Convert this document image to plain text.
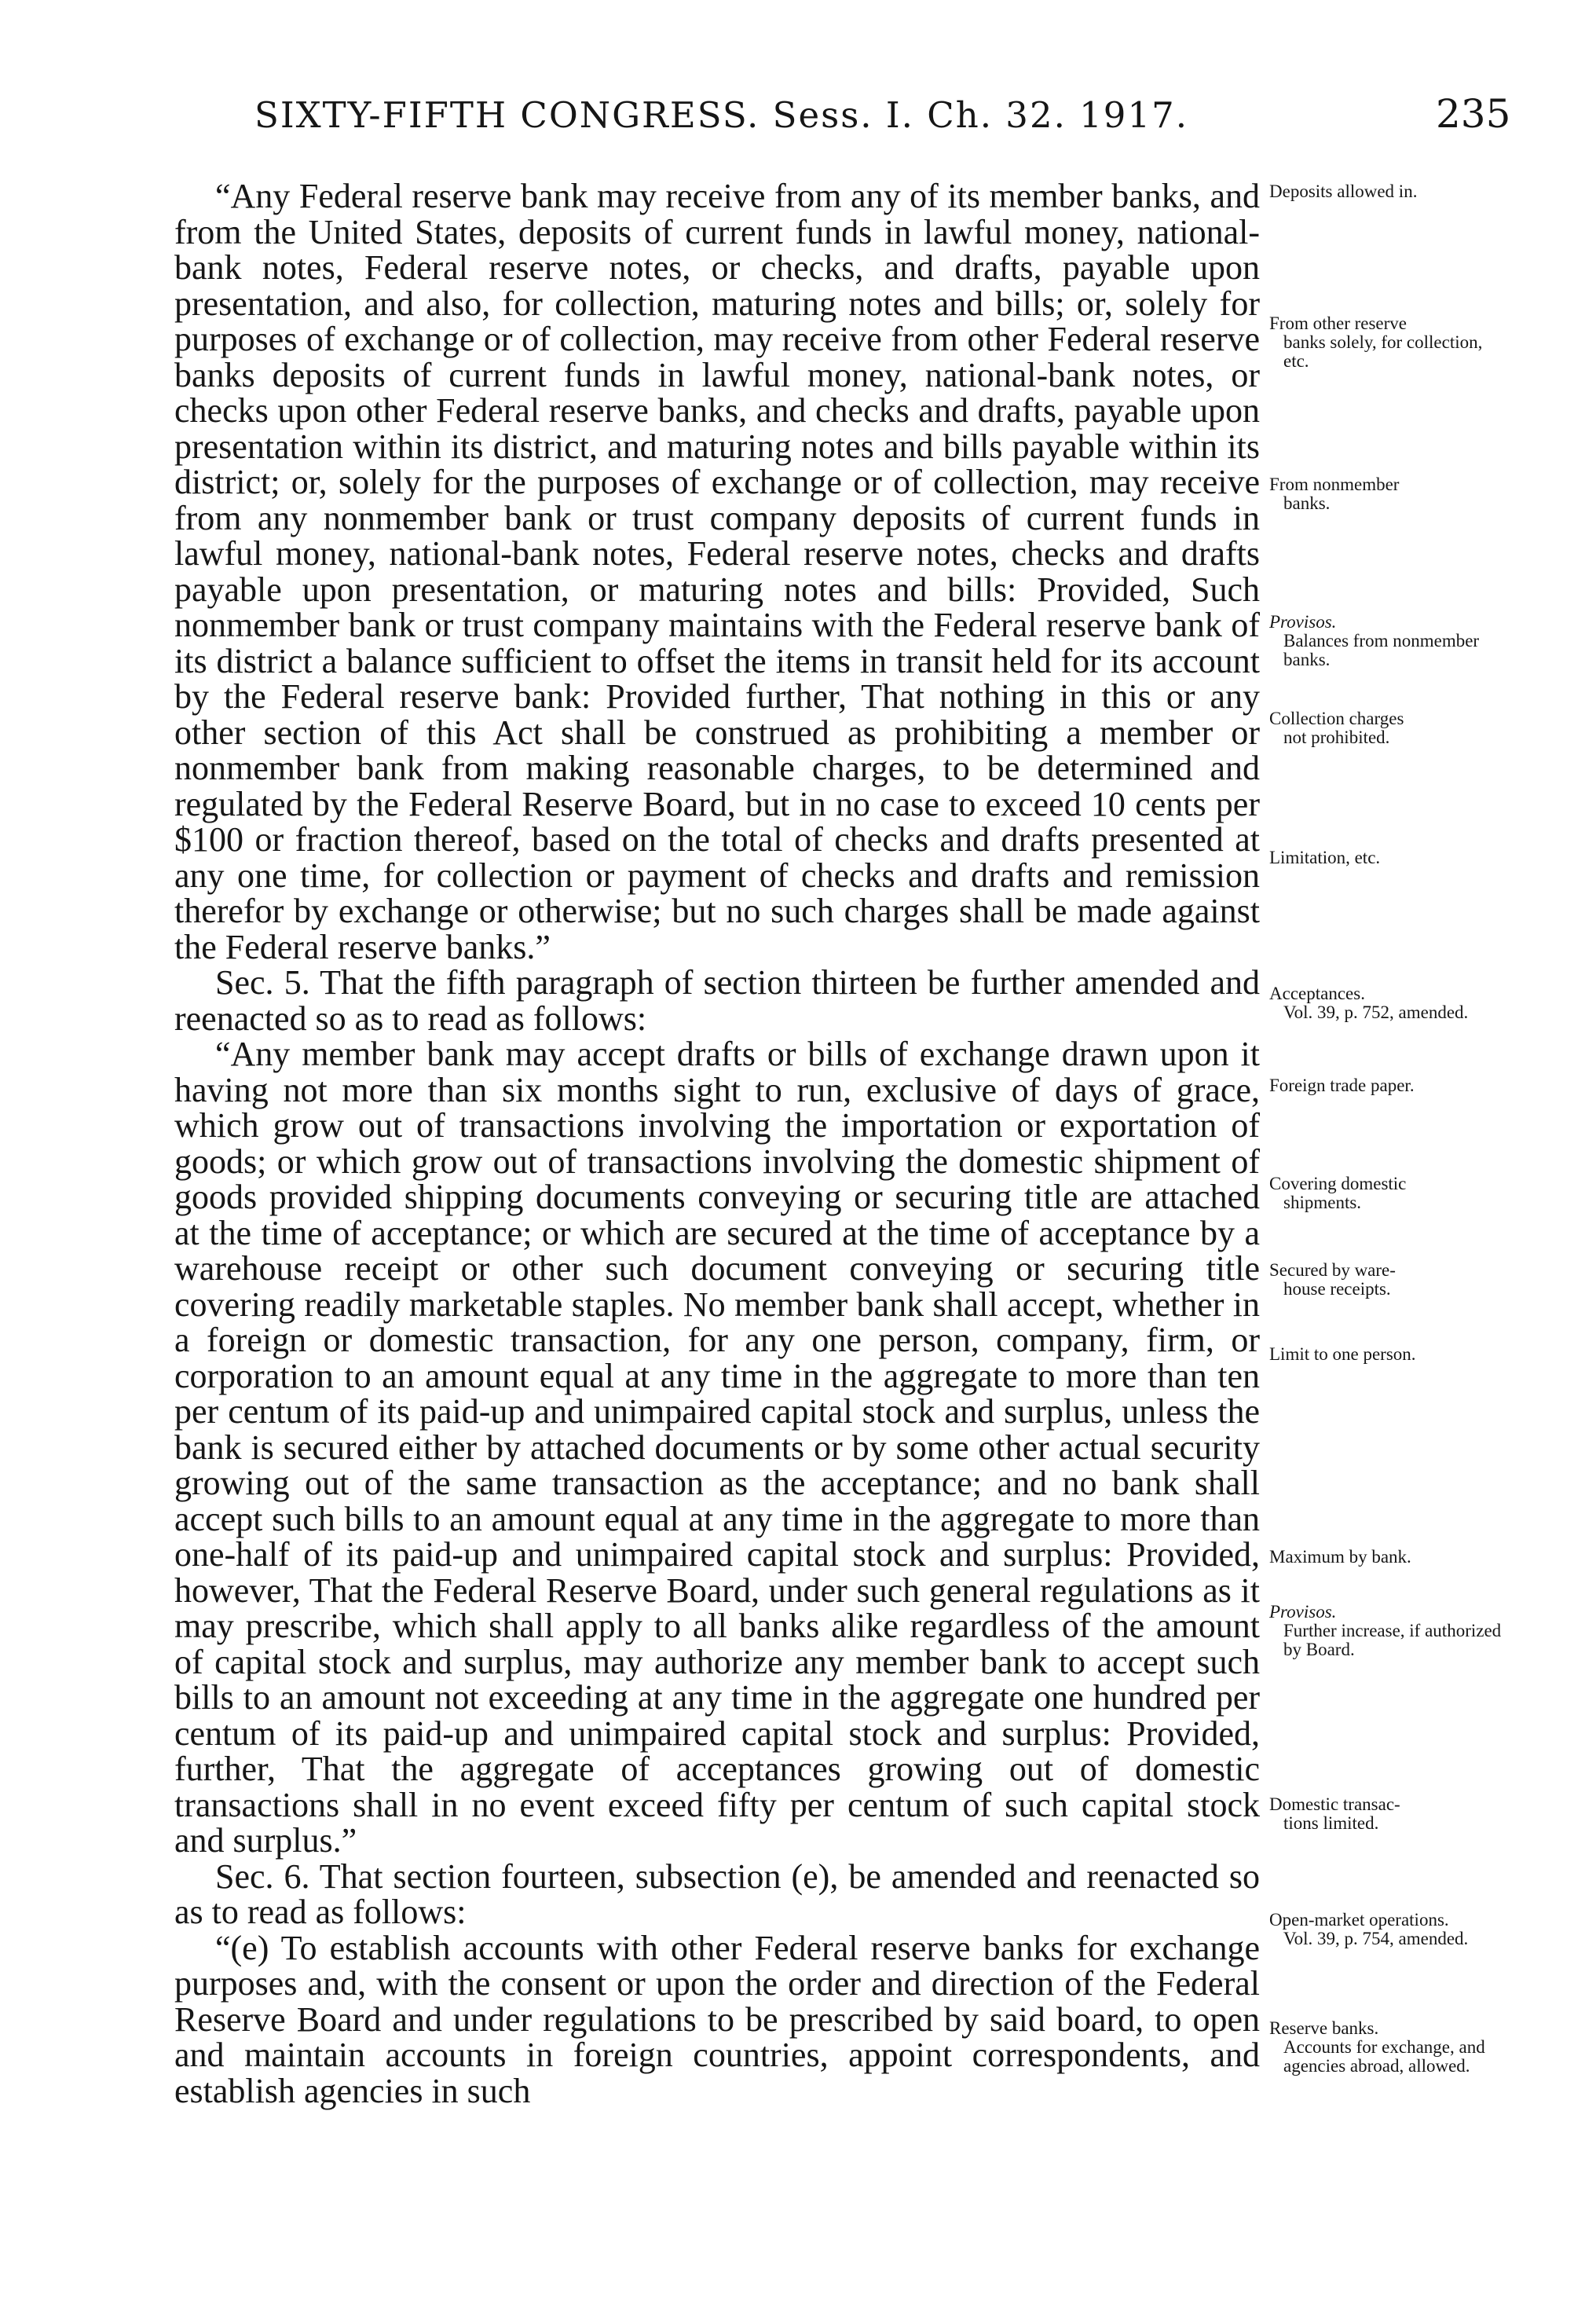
SIXTY-FIFTH CONGRESS. Sess. I. Ch. 32. 1917.	235

“Any Federal reserve bank may receive from any of its member banks, and from the United States, deposits of current funds in lawful money, national-bank notes, Federal reserve notes, or checks, and drafts, payable upon presentation, and also, for collection, maturing notes and bills; or, solely for purposes of exchange or of collection, may receive from other Federal reserve banks deposits of current funds in lawful money, national-bank notes, or checks upon other Federal reserve banks, and checks and drafts, payable upon presentation within its district, and maturing notes and bills payable within its district; or, solely for the purposes of exchange or of collection, may receive from any nonmember bank or trust company deposits of current funds in lawful money, national-bank notes, Federal reserve notes, checks and drafts payable upon presentation, or maturing notes and bills: Provided, Such nonmember bank or trust company maintains with the Federal reserve bank of its district a balance sufficient to offset the items in transit held for its account by the Federal reserve bank: Provided further, That nothing in this or any other section of this Act shall be construed as prohibiting a member or nonmember bank from making reasonable charges, to be determined and regulated by the Federal Reserve Board, but in no case to exceed 10 cents per $100 or fraction thereof, based on the total of checks and drafts presented at any one time, for collection or payment of checks and drafts and remission therefor by exchange or otherwise; but no such charges shall be made against the Federal reserve banks.”

Sec. 5. That the fifth paragraph of section thirteen be further amended and reenacted so as to read as follows:

“Any member bank may accept drafts or bills of exchange drawn upon it having not more than six months sight to run, exclusive of days of grace, which grow out of transactions involving the importation or exportation of goods; or which grow out of transactions involving the domestic shipment of goods provided shipping documents conveying or securing title are attached at the time of acceptance; or which are secured at the time of acceptance by a warehouse receipt or other such document conveying or securing title covering readily marketable staples. No member bank shall accept, whether in a foreign or domestic transaction, for any one person, company, firm, or corporation to an amount equal at any time in the aggregate to more than ten per centum of its paid-up and unimpaired capital stock and surplus, unless the bank is secured either by attached documents or by some other actual security growing out of the same transaction as the acceptance; and no bank shall accept such bills to an amount equal at any time in the aggregate to more than one-half of its paid-up and unimpaired capital stock and surplus: Provided, however, That the Federal Reserve Board, under such general regulations as it may prescribe, which shall apply to all banks alike regardless of the amount of capital stock and surplus, may authorize any member bank to accept such bills to an amount not exceeding at any time in the aggregate one hundred per centum of its paid-up and unimpaired capital stock and surplus: Provided, further, That the aggregate of acceptances growing out of domestic transactions shall in no event exceed fifty per centum of such capital stock and surplus.”

Sec. 6. That section fourteen, subsection (e), be amended and reenacted so as to read as follows:

“(e) To establish accounts with other Federal reserve banks for exchange purposes and, with the consent or upon the order and direction of the Federal Reserve Board and under regulations to be prescribed by said board, to open and maintain accounts in foreign countries, appoint correspondents, and establish agencies in such

Deposits allowed in.
From other reserve
banks solely, for collection, etc.
From nonmember
banks.
Provisos.
Balances from nonmember banks.
Collection charges
not prohibited.
Limitation, etc.
Acceptances.
Vol. 39, p. 752, amended.
Foreign trade paper.
Covering domestic
shipments.
Secured by ware-
house receipts.
Limit to one person.
Maximum by bank.
Provisos.
Further increase, if authorized by Board.
Domestic transac-
tions limited.
Open-market operations.
Vol. 39, p. 754, amended.
Reserve banks.
Accounts for exchange, and agencies abroad, allowed.
